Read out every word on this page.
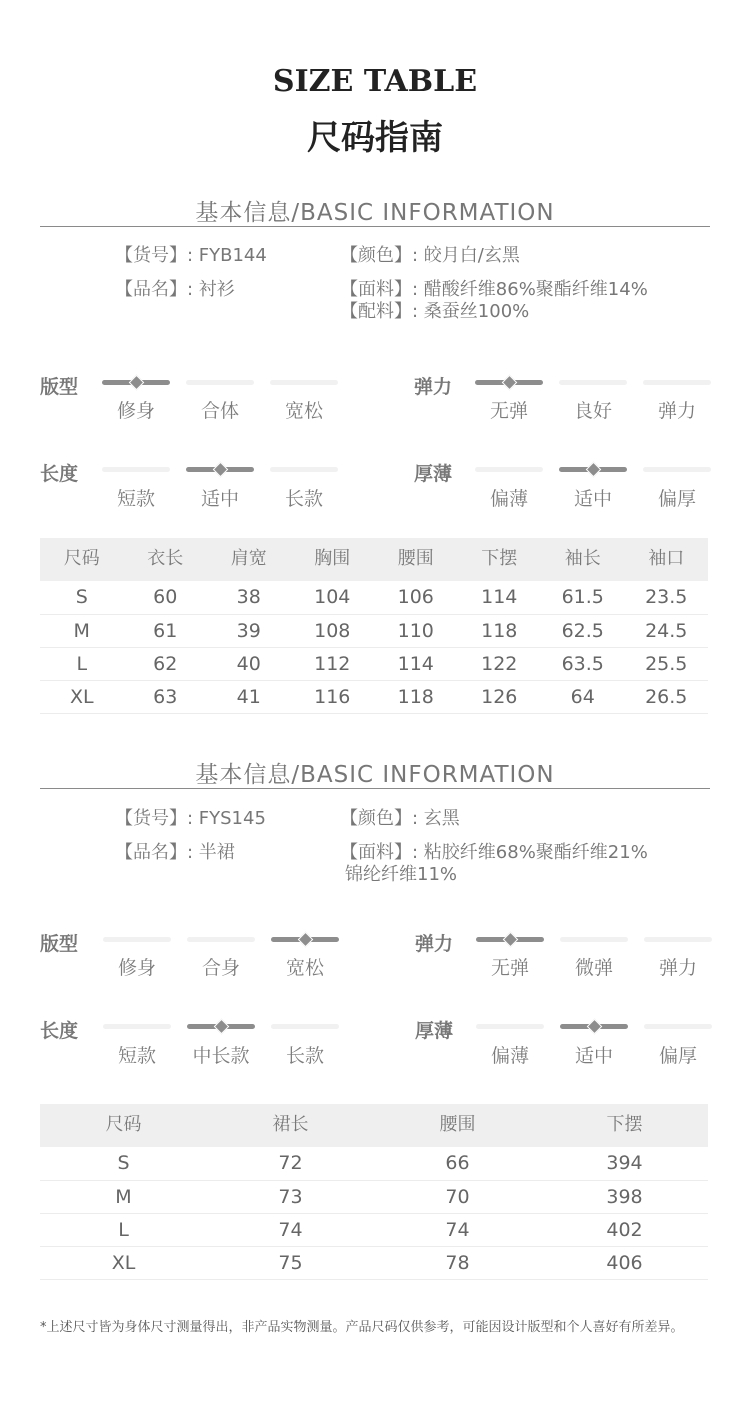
SIZE TABLE
尺码指南
基本信息/BASIC INFORMATION
【货号】: FYB144	【颜色】: 皎月白/玄黑
【品名】: 衬衫	【面料】: 醋酸纤维86%聚酯纤维14%
【配料】: 桑蚕丝100%
版型
修身	合体	宽松
弹力
无弹	良好	弹力
长度
短款	适中	长款
厚薄
偏薄	适中	偏厚
尺码	衣长	肩宽	胸围	腰围	下摆	袖长	袖口
S	60	38	104	106	114	61.5	23.5
M	61	39	108	110	118	62.5	24.5
L	62	40	112	114	122	63.5	25.5
XL	63	41	116	118	126	64	26.5
基本信息/BASIC INFORMATION
【货号】: FYS145	【颜色】: 玄黑
【品名】: 半裙	【面料】: 粘胶纤维68%聚酯纤维21%
锦纶纤维11%
版型
修身	合身	宽松
弹力
无弹	微弹	弹力
长度
短款	中长款	长款
厚薄
偏薄	适中	偏厚
尺码	裙长	腰围	下摆
S	72	66	394
M	73	70	398
L	74	74	402
XL	75	78	406
*上述尺寸皆为身体尺寸测量得出，非产品实物测量。产品尺码仅供参考，可能因设计版型和个人喜好有所差异。
